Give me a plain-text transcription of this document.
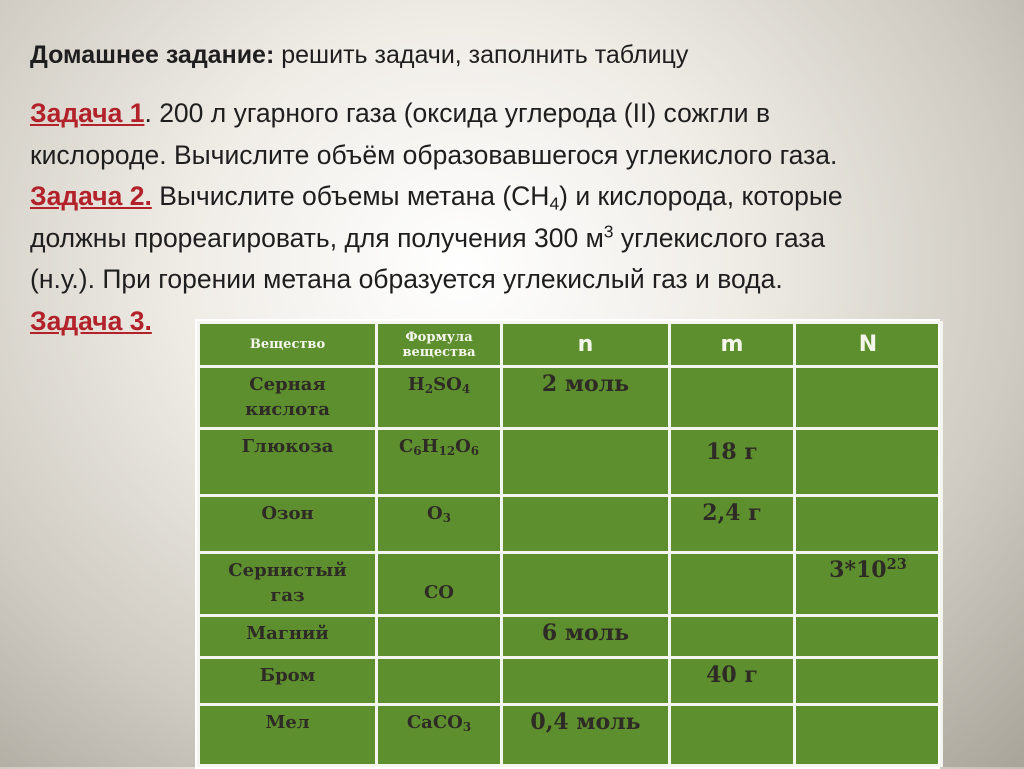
Домашнее задание: решить задачи, заполнить таблицу
Задача 1. 200 л угарного газа (оксида углерода (II) сожгли в
кислороде. Вычислите объём образовавшегося углекислого газа.
Задача 2. Вычислите объемы метана $(CH_4)$ и кислорода, которые
должны прореагировать, для получения 300 $м^3$ углекислого газа
(н.у.). При горении метана образуется углекислый газ и вода.
Задача 3.
Вещество	Формула
вещества	n	m	N

Серная
кислота	$H_2SO_4$	2 моль		

Глюкоза	$C_6H_{12}O_6$		18 г	

Озон	$O_3$		2,4 г	

Сернистый
газ	CO			$3*10^{23}$

Магний		6 моль		

Бром			40 г	

Мел	CaCO$_3$	0,4 моль		
